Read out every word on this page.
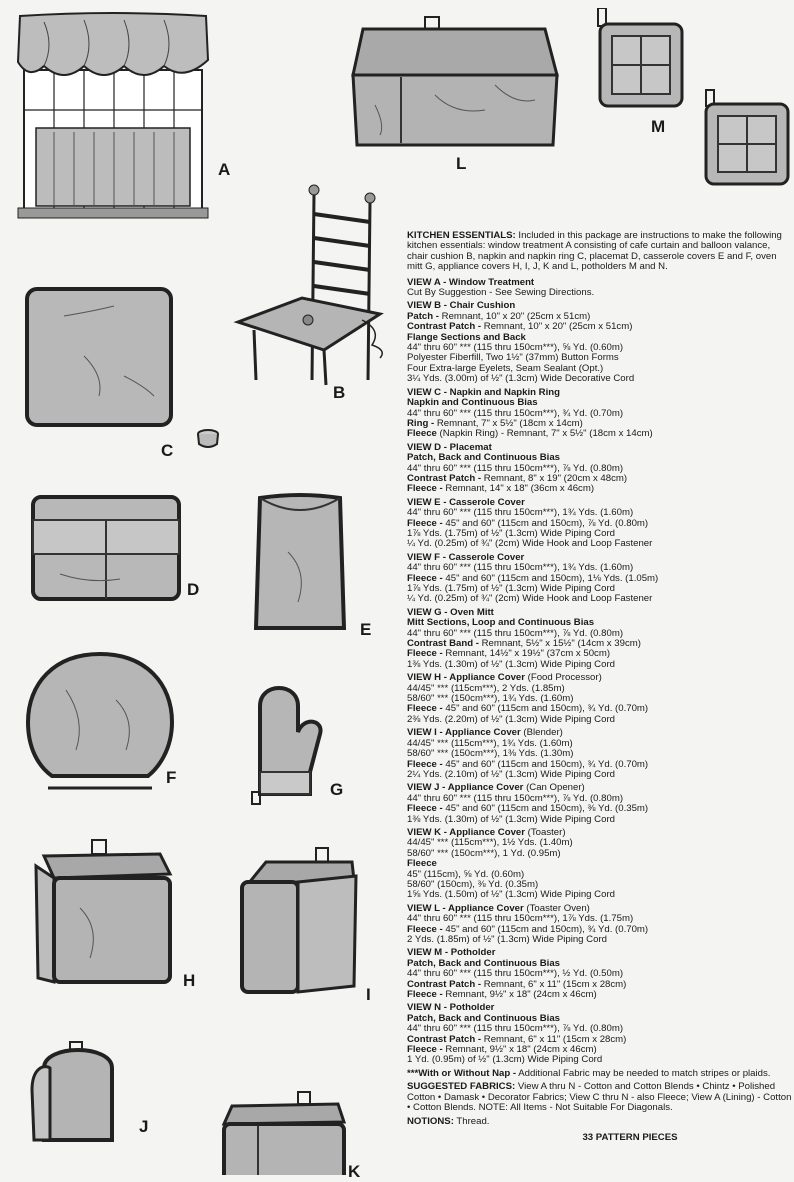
A	L
M
B
C
D
E
F
G
H
I
J
K

KITCHEN ESSENTIALS: Included in this package are instructions to make the following kitchen essentials: window treatment A consisting of cafe curtain and balloon valance, chair cushion B, napkin and napkin ring C, placemat D, casserole covers E and F, oven mitt G, appliance covers H, I, J, K and L, potholders M and N.

VIEW A - Window Treatment
Cut By Suggestion - See Sewing Directions.

VIEW B - Chair Cushion
Patch - Remnant, 10" x 20" (25cm x 51cm)
Contrast Patch - Remnant, 10" x 20" (25cm x 51cm)
Flange Sections and Back
44" thru 60" *** (115 thru 150cm***), ⅝ Yd. (0.60m)
Polyester Fiberfill, Two 1½" (37mm) Button Forms
Four Extra-large Eyelets, Seam Sealant (Opt.)
3¼ Yds. (3.00m) of ½" (1.3cm) Wide Decorative Cord

VIEW C - Napkin and Napkin Ring
Napkin and Continuous Bias
44" thru 60" *** (115 thru 150cm***), ¾ Yd. (0.70m)
Ring - Remnant, 7" x 5½" (18cm x 14cm)
Fleece (Napkin Ring) - Remnant, 7" x 5½" (18cm x 14cm)

VIEW D - Placemat
Patch, Back and Continuous Bias
44" thru 60" *** (115 thru 150cm***), ⅞ Yd. (0.80m)
Contrast Patch - Remnant, 8" x 19" (20cm x 48cm)
Fleece - Remnant, 14" x 18" (36cm x 46cm)

VIEW E - Casserole Cover
44" thru 60" *** (115 thru 150cm***), 1¾ Yds. (1.60m)
Fleece - 45" and 60" (115cm and 150cm), ⅞ Yd. (0.80m)
1⅞ Yds. (1.75m) of ½" (1.3cm) Wide Piping Cord
¼ Yd. (0.25m) of ¾" (2cm) Wide Hook and Loop Fastener

VIEW F - Casserole Cover
44" thru 60" *** (115 thru 150cm***), 1¾ Yds. (1.60m)
Fleece - 45" and 60" (115cm and 150cm), 1⅛ Yds. (1.05m)
1⅞ Yds. (1.75m) of ½" (1.3cm) Wide Piping Cord
¼ Yd. (0.25m) of ¾" (2cm) Wide Hook and Loop Fastener

VIEW G - Oven Mitt
Mitt Sections, Loop and Continuous Bias
44" thru 60" *** (115 thru 150cm***), ⅞ Yd. (0.80m)
Contrast Band - Remnant, 5½" x 15½" (14cm x 39cm)
Fleece - Remnant, 14½" x 19½" (37cm x 50cm)
1⅜ Yds. (1.30m) of ½" (1.3cm) Wide Piping Cord

VIEW H - Appliance Cover (Food Processor)
44/45" *** (115cm***), 2 Yds. (1.85m)
58/60" *** (150cm***), 1¾ Yds. (1.60m)
Fleece - 45" and 60" (115cm and 150cm), ¾ Yd. (0.70m)
2⅜ Yds. (2.20m) of ½" (1.3cm) Wide Piping Cord

VIEW I - Appliance Cover (Blender)
44/45" *** (115cm***), 1¾ Yds. (1.60m)
58/60" *** (150cm***), 1⅜ Yds. (1.30m)
Fleece - 45" and 60" (115cm and 150cm), ¾ Yd. (0.70m)
2¼ Yds. (2.10m) of ½" (1.3cm) Wide Piping Cord

VIEW J - Appliance Cover (Can Opener)
44" thru 60" *** (115 thru 150cm***), ⅞ Yd. (0.80m)
Fleece - 45" and 60" (115cm and 150cm), ⅜ Yd. (0.35m)
1⅜ Yds. (1.30m) of ½" (1.3cm) Wide Piping Cord

VIEW K - Appliance Cover (Toaster)
44/45" *** (115cm***), 1½ Yds. (1.40m)
58/60" *** (150cm***), 1 Yd. (0.95m)
Fleece
45" (115cm), ⅝ Yd. (0.60m)
58/60" (150cm), ⅜ Yd. (0.35m)
1⅝ Yds. (1.50m) of ½" (1.3cm) Wide Piping Cord

VIEW L - Appliance Cover (Toaster Oven)
44" thru 60" *** (115 thru 150cm***), 1⅞ Yds. (1.75m)
Fleece - 45" and 60" (115cm and 150cm), ¾ Yd. (0.70m)
2 Yds. (1.85m) of ½" (1.3cm) Wide Piping Cord

VIEW M - Potholder
Patch, Back and Continuous Bias
44" thru 60" *** (115 thru 150cm***), ½ Yd. (0.50m)
Contrast Patch - Remnant, 6" x 11" (15cm x 28cm)
Fleece - Remnant, 9½" x 18" (24cm x 46cm)

VIEW N - Potholder
Patch, Back and Continuous Bias
44" thru 60" *** (115 thru 150cm***), ⅞ Yd. (0.80m)
Contrast Patch - Remnant, 6" x 11" (15cm x 28cm)
Fleece - Remnant, 9½" x 18" (24cm x 46cm)
1 Yd. (0.95m) of ½" (1.3cm) Wide Piping Cord

***With or Without Nap - Additional Fabric may be needed to match stripes or plaids.

SUGGESTED FABRICS: View A thru N - Cotton and Cotton Blends • Chintz • Polished Cotton • Damask • Decorator Fabrics; View C thru N - also Fleece; View A (Lining) - Cotton • Cotton Blends. NOTE: All Items - Not Suitable For Diagonals.

NOTIONS: Thread.

33 PATTERN PIECES
